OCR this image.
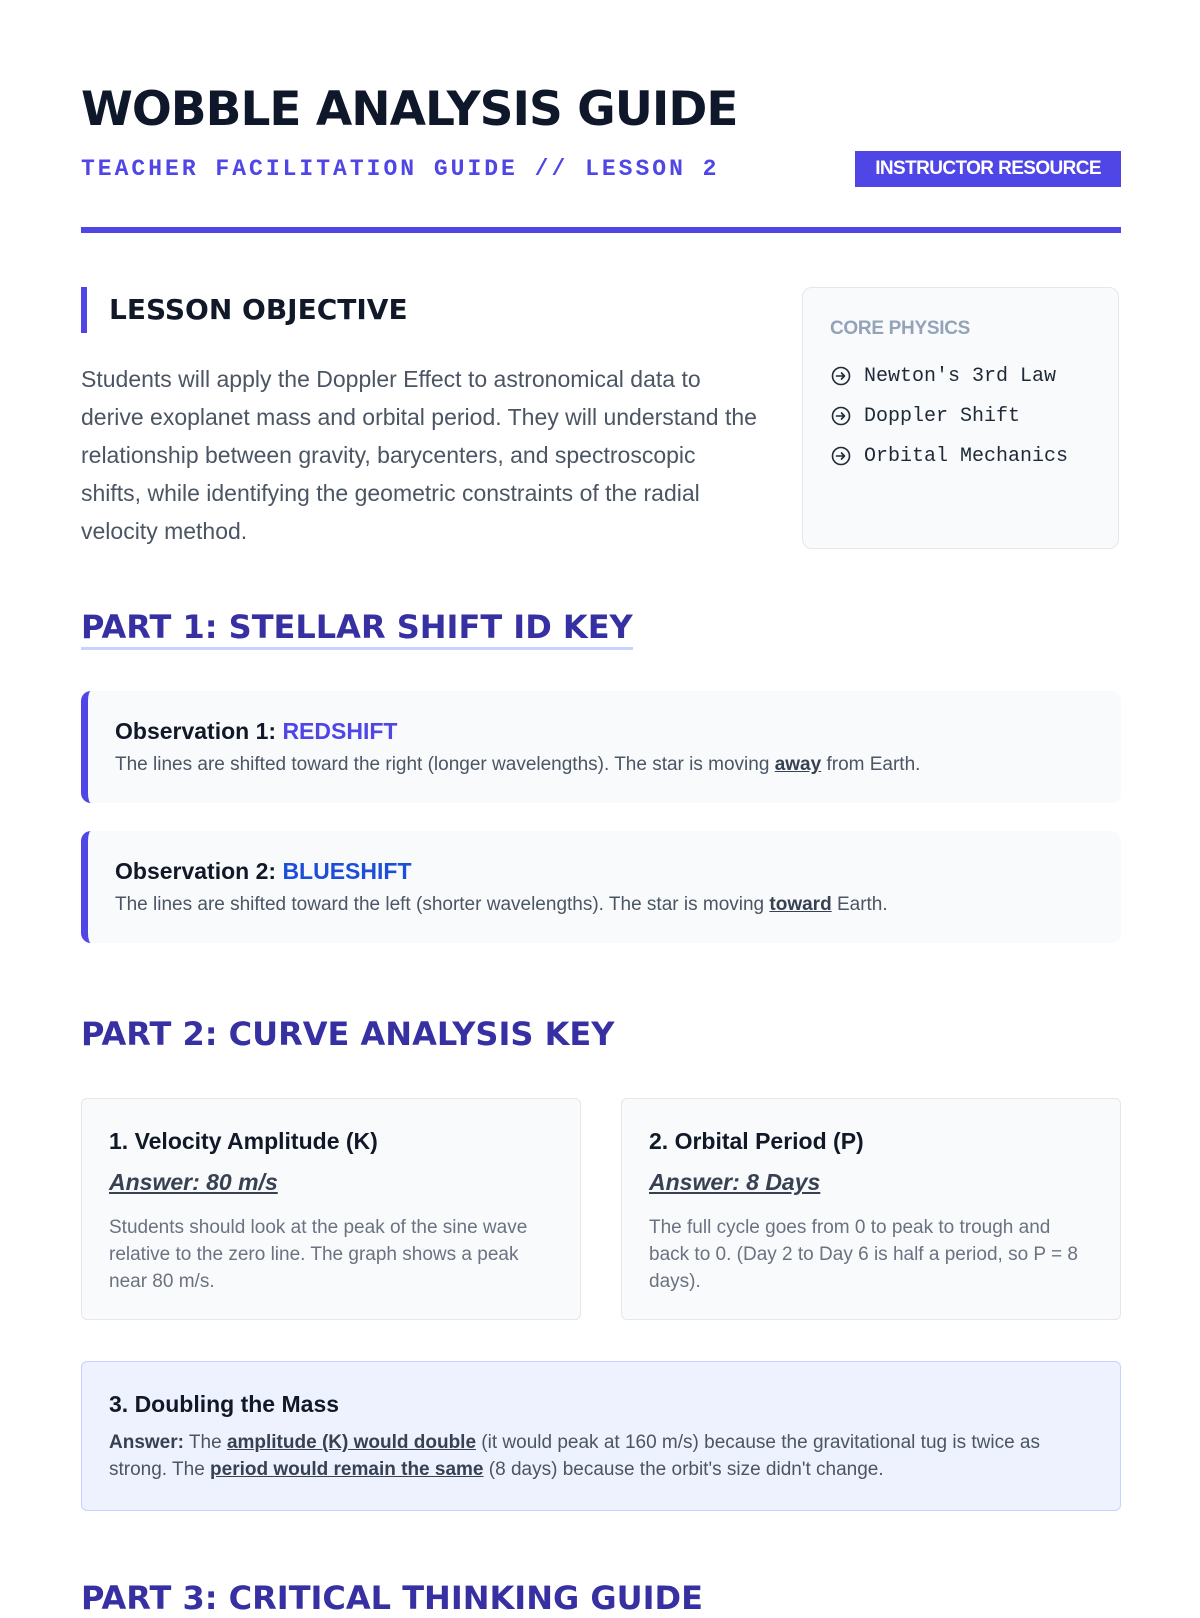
WOBBLE ANALYSIS GUIDE
TEACHER FACILITATION GUIDE // LESSON 2	INSTRUCTOR RESOURCE
LESSON OBJECTIVE
Students will apply the Doppler Effect to astronomical data to derive exoplanet mass and orbital period. They will understand the relationship between gravity, barycenters, and spectroscopic shifts, while identifying the geometric constraints of the radial velocity method.
CORE PHYSICS
Newton's 3rd Law
Doppler Shift
Orbital Mechanics
PART 1: STELLAR SHIFT ID KEY
Observation 1: REDSHIFT
The lines are shifted toward the right (longer wavelengths). The star is moving away from Earth.
Observation 2: BLUESHIFT
The lines are shifted toward the left (shorter wavelengths). The star is moving toward Earth.
PART 2: CURVE ANALYSIS KEY
1. Velocity Amplitude (K)
Answer: 80 m/s
Students should look at the peak of the sine wave relative to the zero line. The graph shows a peak near 80 m/s.
2. Orbital Period (P)
Answer: 8 Days
The full cycle goes from 0 to peak to trough and back to 0. (Day 2 to Day 6 is half a period, so P = 8 days).
3. Doubling the Mass
Answer: The amplitude (K) would double (it would peak at 160 m/s) because the gravitational tug is twice as strong. The period would remain the same (8 days) because the orbit's size didn't change.
PART 3: CRITICAL THINKING GUIDE
